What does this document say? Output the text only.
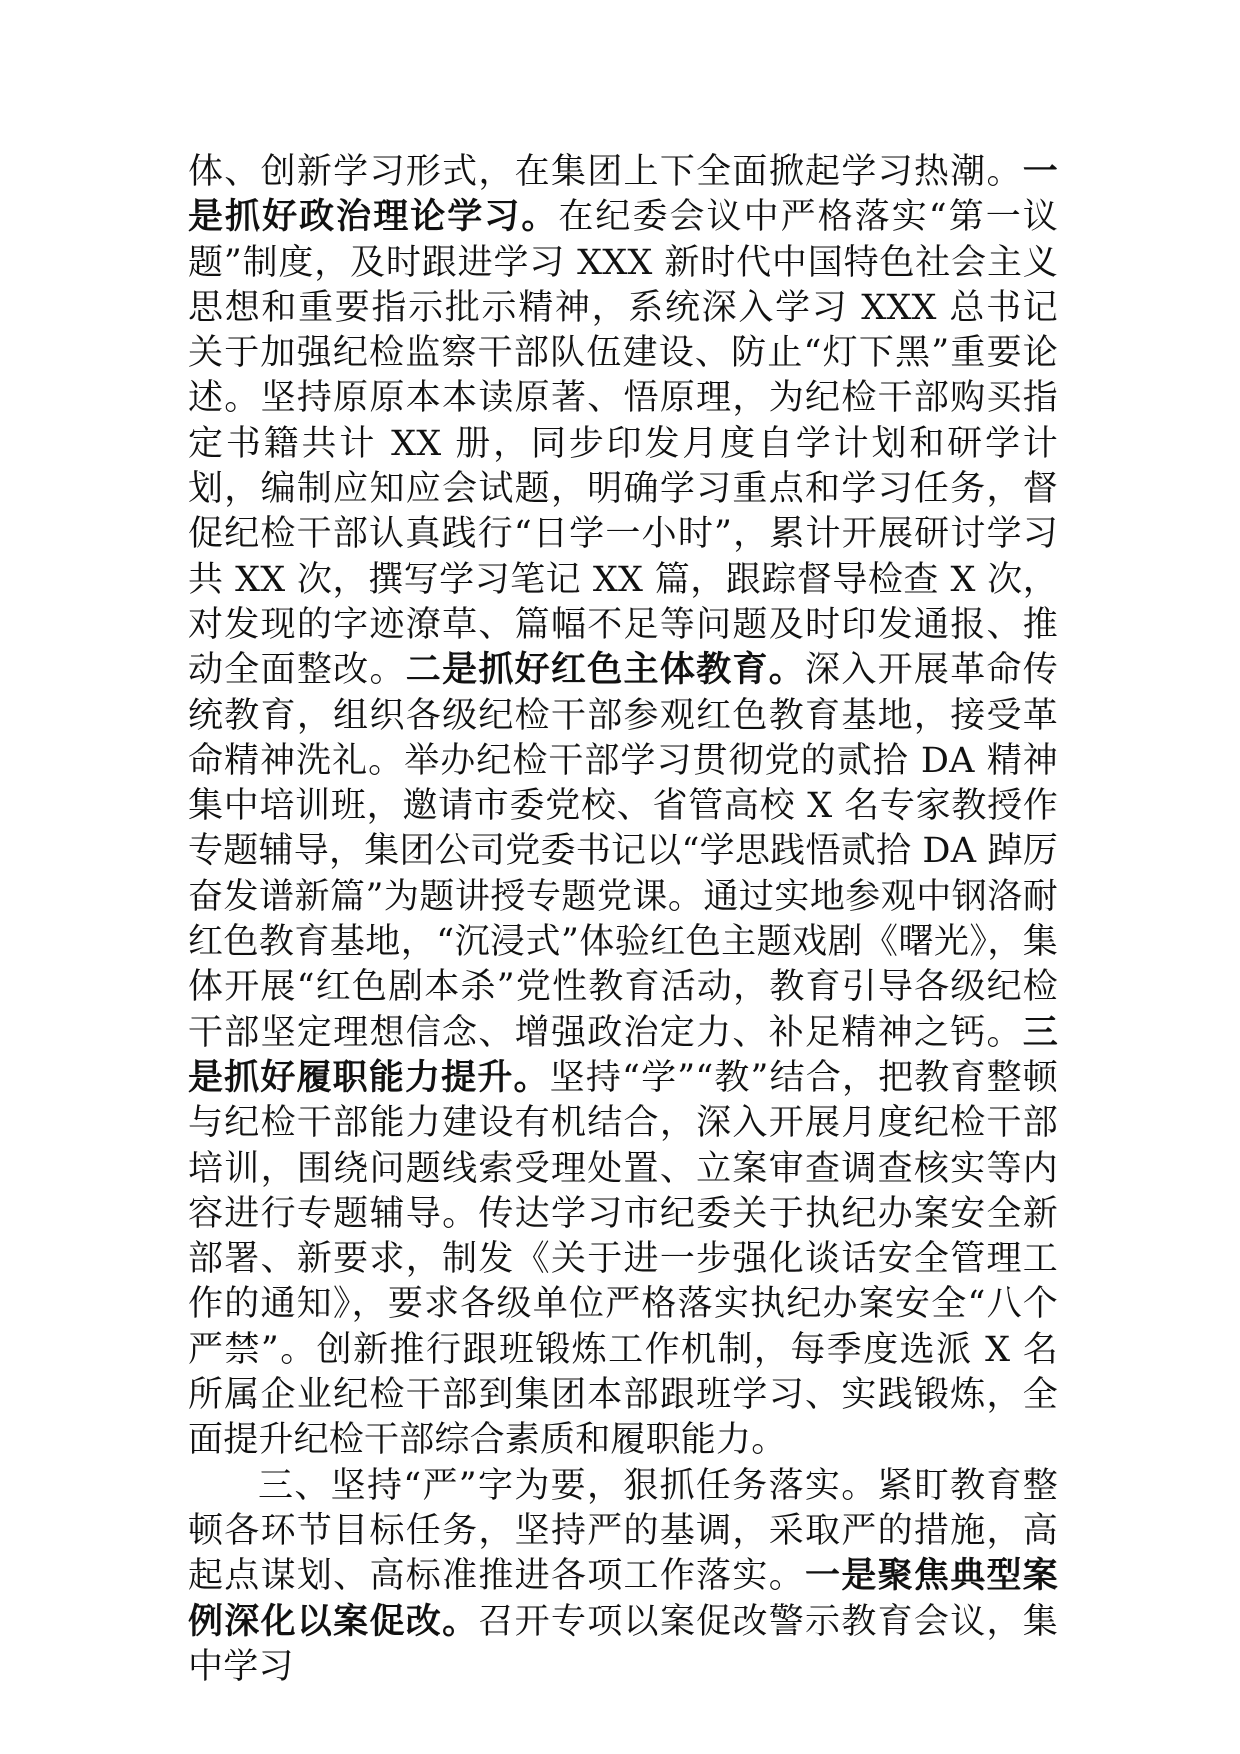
体、创新学习形式，在集团上下全面掀起学习热潮。一是抓好政治理论学习。在纪委会议中严格落实“第一议题”制度，及时跟进学习 XXX 新时代中国特色社会主义思想和重要指示批示精神，系统深入学习 XXX 总书记关于加强纪检监察干部队伍建设、防止“灯下黑”重要论述。坚持原原本本读原著、悟原理，为纪检干部购买指定书籍共计 XX 册，同步印发月度自学计划和研学计划，编制应知应会试题，明确学习重点和学习任务，督促纪检干部认真践行“日学一小时”，累计开展研讨学习共 XX 次，撰写学习笔记 XX 篇，跟踪督导检查 X 次，对发现的字迹潦草、篇幅不足等问题及时印发通报、推动全面整改。二是抓好红色主体教育。深入开展革命传统教育，组织各级纪检干部参观红色教育基地，接受革命精神洗礼。举办纪检干部学习贯彻党的贰拾 DA 精神集中培训班，邀请市委党校、省管高校 X 名专家教授作专题辅导，集团公司党委书记以“学思践悟贰拾 DA 踔厉奋发谱新篇”为题讲授专题党课。通过实地参观中钢洛耐红色教育基地，“沉浸式”体验红色主题戏剧《曙光》，集体开展“红色剧本杀”党性教育活动，教育引导各级纪检干部坚定理想信念、增强政治定力、补足精神之钙。三是抓好履职能力提升。坚持“学”“教”结合，把教育整顿与纪检干部能力建设有机结合，深入开展月度纪检干部培训，围绕问题线索受理处置、立案审查调查核实等内容进行专题辅导。传达学习市纪委关于执纪办案安全新部署、新要求，制发《关于进一步强化谈话安全管理工作的通知》，要求各级单位严格落实执纪办案安全“八个严禁”。创新推行跟班锻炼工作机制，每季度选派 X 名所属企业纪检干部到集团本部跟班学习、实践锻炼，全面提升纪检干部综合素质和履职能力。

三、坚持“严”字为要，狠抓任务落实。紧盯教育整顿各环节目标任务，坚持严的基调，采取严的措施，高起点谋划、高标准推进各项工作落实。一是聚焦典型案例深化以案促改。召开专项以案促改警示教育会议，集中学习
